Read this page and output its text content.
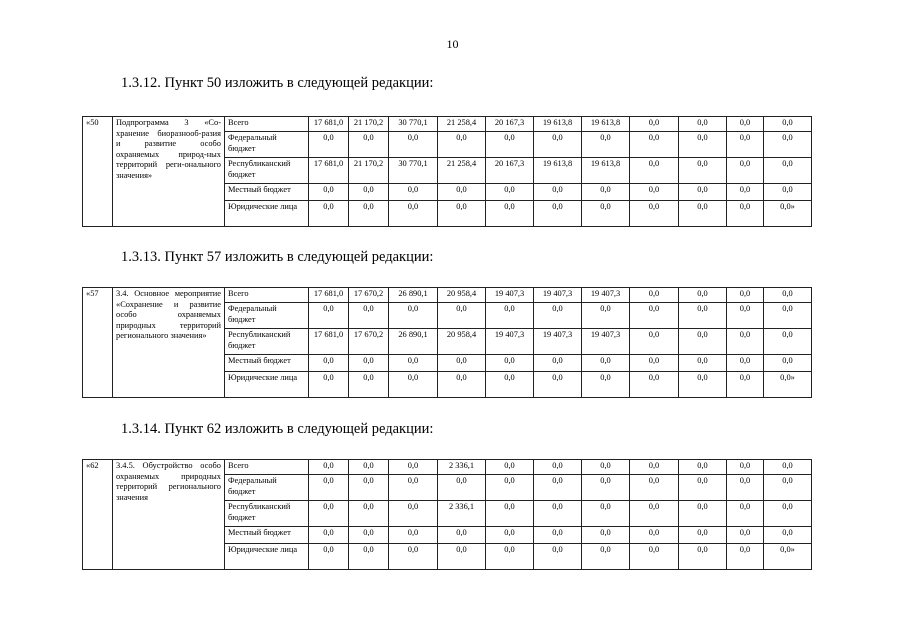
10
1.3.12. Пункт 50 изложить в следующей редакции:
«50	Подпрограмма 3 «Со-хранение биоразнооб-разия и развитие особо охраняемых природ-ных территорий реги-онального значения»	Всего	17 681,0	21 170,2	30 770,1	21 258,4	20 167,3	19 613,8	19 613,8	0,0	0,0	0,0	0,0
		Федеральный бюджет	0,0	0,0	0,0	0,0	0,0	0,0	0,0	0,0	0,0	0,0	0,0
		Республиканский бюджет	17 681,0	21 170,2	30 770,1	21 258,4	20 167,3	19 613,8	19 613,8	0,0	0,0	0,0	0,0
		Местный бюджет	0,0	0,0	0,0	0,0	0,0	0,0	0,0	0,0	0,0	0,0	0,0
		Юридические лица	0,0	0,0	0,0	0,0	0,0	0,0	0,0	0,0	0,0	0,0	0,0»
1.3.13. Пункт 57 изложить в следующей редакции:
«57	3.4. Основное мероприятие «Сохранение и развитие особо охраняемых природных территорий регионального значения»	Всего	17 681,0	17 670,2	26 890,1	20 958,4	19 407,3	19 407,3	19 407,3	0,0	0,0	0,0	0,0
		Федеральный бюджет	0,0	0,0	0,0	0,0	0,0	0,0	0,0	0,0	0,0	0,0	0,0
		Республиканский бюджет	17 681,0	17 670,2	26 890,1	20 958,4	19 407,3	19 407,3	19 407,3	0,0	0,0	0,0	0,0
		Местный бюджет	0,0	0,0	0,0	0,0	0,0	0,0	0,0	0,0	0,0	0,0	0,0
		Юридические лица	0,0	0,0	0,0	0,0	0,0	0,0	0,0	0,0	0,0	0,0	0,0»
1.3.14. Пункт 62 изложить в следующей редакции:
«62	3.4.5. Обустройство особо охраняемых природных территорий регионального значения	Всего	0,0	0,0	0,0	2 336,1	0,0	0,0	0,0	0,0	0,0	0,0	0,0
		Федеральный бюджет	0,0	0,0	0,0	0,0	0,0	0,0	0,0	0,0	0,0	0,0	0,0
		Республиканский бюджет	0,0	0,0	0,0	2 336,1	0,0	0,0	0,0	0,0	0,0	0,0	0,0
		Местный бюджет	0,0	0,0	0,0	0,0	0,0	0,0	0,0	0,0	0,0	0,0	0,0
		Юридические лица	0,0	0,0	0,0	0,0	0,0	0,0	0,0	0,0	0,0	0,0	0,0»
